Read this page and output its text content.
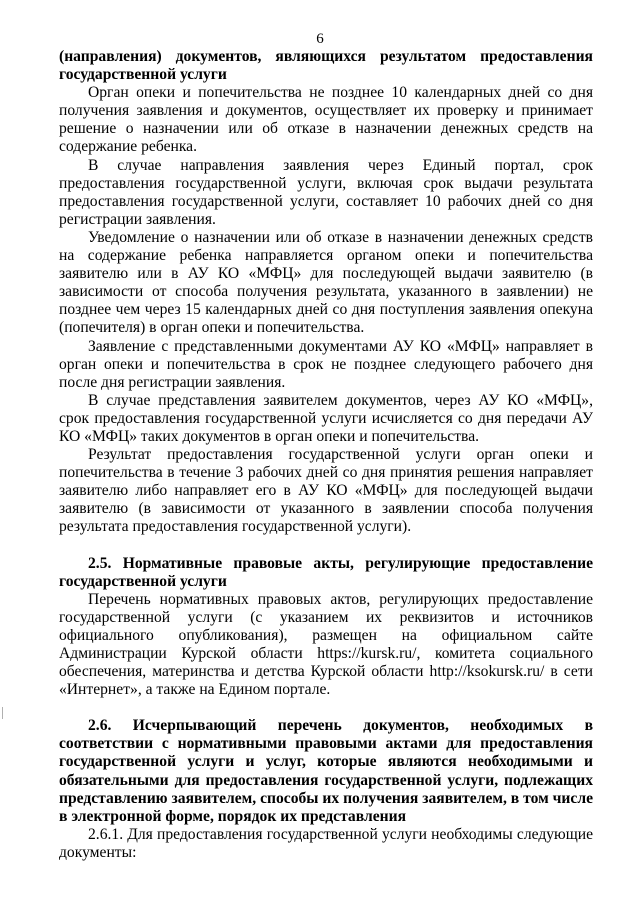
6

(направления) документов, являющихся результатом предоставления государственной услуги

Орган опеки и попечительства не позднее 10 календарных дней со дня получения заявления и документов, осуществляет их проверку и принимает решение о назначении или об отказе в назначении денежных средств на содержание ребенка.

В случае направления заявления через Единый портал, срок предоставления государственной услуги, включая срок выдачи результата предоставления государственной услуги, составляет 10 рабочих дней со дня регистрации заявления.

Уведомление о назначении или об отказе в назначении денежных средств на содержание ребенка направляется органом опеки и попечительства заявителю или в АУ КО «МФЦ» для последующей выдачи заявителю (в зависимости от способа получения результата, указанного в заявлении) не позднее чем через 15 календарных дней со дня поступления заявления опекуна (попечителя) в орган опеки и попечительства.

Заявление с представленными документами АУ КО «МФЦ» направляет в орган опеки и попечительства в срок не позднее следующего рабочего дня после дня регистрации заявления.

В случае представления заявителем документов, через АУ КО «МФЦ», срок предоставления государственной услуги исчисляется со дня передачи АУ КО «МФЦ» таких документов в орган опеки и попечительства.

Результат предоставления государственной услуги орган опеки и попечительства в течение 3 рабочих дней со дня принятия решения направляет заявителю либо направляет его в АУ КО «МФЦ» для последующей выдачи заявителю (в зависимости от указанного в заявлении способа получения результата предоставления государственной услуги).

2.5. Нормативные правовые акты, регулирующие предоставление государственной услуги

Перечень нормативных правовых актов, регулирующих предоставление государственной услуги (с указанием их реквизитов и источников официального опубликования), размещен на официальном сайте Администрации Курской области https://kursk.ru/, комитета социального обеспечения, материнства и детства Курской области http://ksokursk.ru/ в сети «Интернет», а также на Едином портале.

2.6. Исчерпывающий перечень документов, необходимых в соответствии с нормативными правовыми актами для предоставления государственной услуги и услуг, которые являются необходимыми и обязательными для предоставления государственной услуги, подлежащих представлению заявителем, способы их получения заявителем, в том числе в электронной форме, порядок их представления

2.6.1. Для предоставления государственной услуги необходимы следующие документы:
